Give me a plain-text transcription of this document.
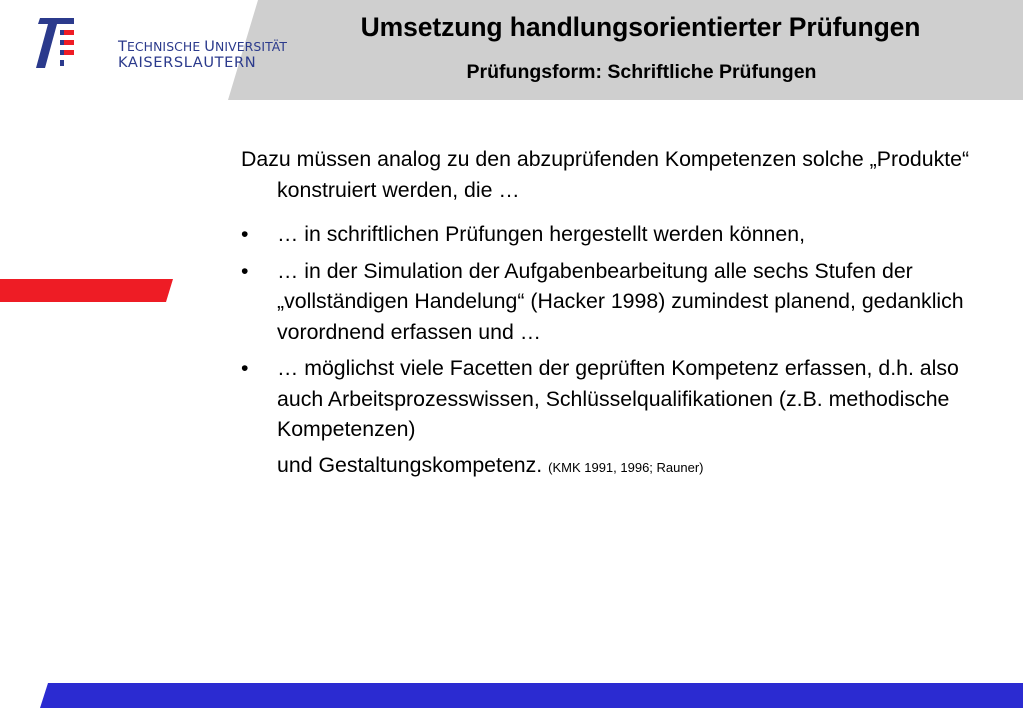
TECHNISCHE UNIVERSITÄT
KAISERSLAUTERN
Umsetzung handlungsorientierter Prüfungen
Prüfungsform: Schriftliche Prüfungen

Dazu müssen analog zu den abzuprüfenden Kompetenzen solche „Produkte“ konstruiert werden, die …

• … in schriftlichen Prüfungen hergestellt werden können,
• … in der Simulation der Aufgabenbearbeitung alle sechs Stufen der „vollständigen Handelung“ (Hacker 1998) zumindest planend, gedanklich vorordnend erfassen und …
• … möglichst viele Facetten der geprüften Kompetenz erfassen, d.h. also auch Arbeitsprozesswissen, Schlüsselqualifikationen (z.B. methodische Kompetenzen)
und Gestaltungskompetenz. (KMK 1991, 1996; Rauner)
